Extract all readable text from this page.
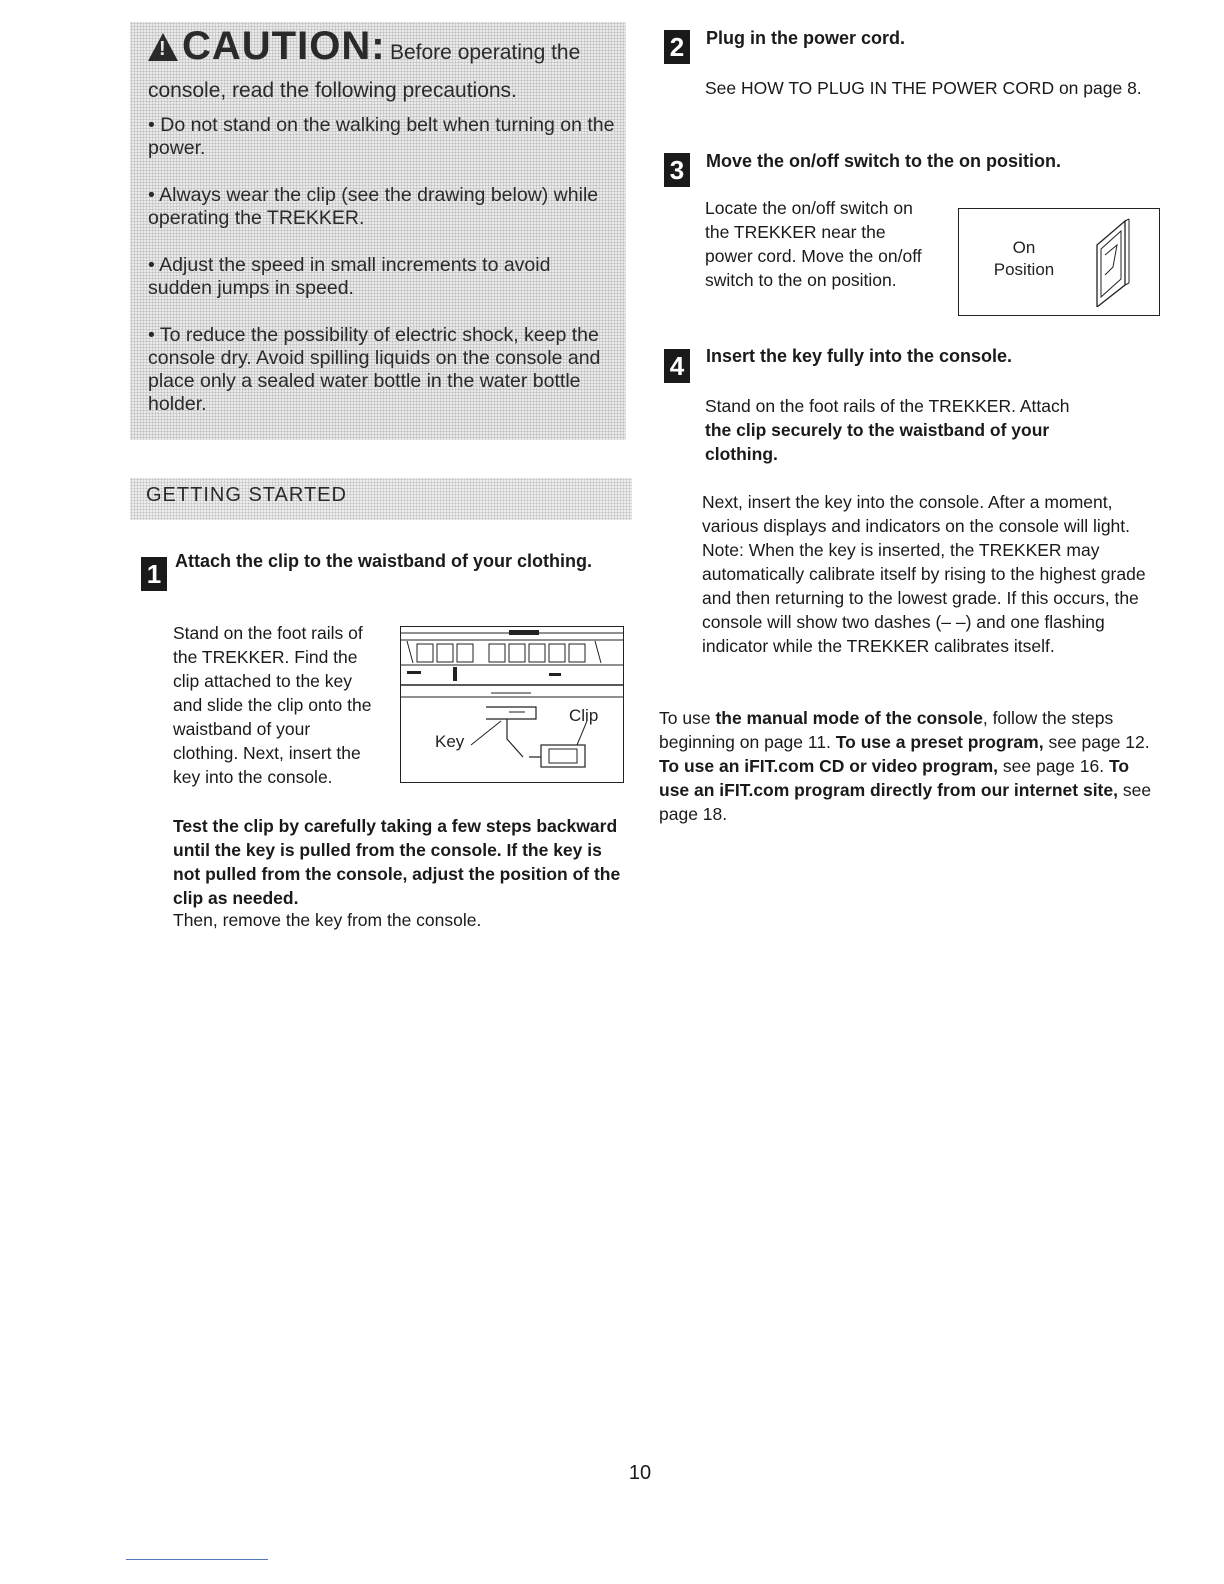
!CAUTION: Before operating the
console, read the following precautions.
• Do not stand on the walking belt when turning on the power.
• Always wear the clip (see the drawing below) while operating the TREKKER.
• Adjust the speed in small increments to avoid sudden jumps in speed.
• To reduce the possibility of electric shock, keep the console dry. Avoid spilling liquids on the console and place only a sealed water bottle in the water bottle holder.
GETTING STARTED
1 Attach the clip to the waistband of your clothing.
Stand on the foot rails of the TREKKER. Find the clip attached to the key and slide the clip onto the waistband of your clothing. Next, insert the key into the console.
Clip
Key
Test the clip by carefully taking a few steps backward until the key is pulled from the console. If the key is not pulled from the console, adjust the position of the clip as needed.
Then, remove the key from the console.
2	Plug in the power cord.
See HOW TO PLUG IN THE POWER CORD on page 8.
3	Move the on/off switch to the on position.
Locate the on/off switch on the TREKKER near the power cord. Move the on/off switch to the on position.
On
Position
4	Insert the key fully into the console.
Stand on the foot rails of the TREKKER. Attach
the clip securely to the waistband of your clothing.
Next, insert the key into the console. After a moment, various displays and indicators on the console will light. Note: When the key is inserted, the TREKKER may automatically calibrate itself by rising to the highest grade and then returning to the lowest grade. If this occurs, the console will show two dashes (– –) and one flashing indicator while the TREKKER calibrates itself.
To use the manual mode of the console, follow the steps beginning on page 11. To use a preset program, see page 12. To use an iFIT.com CD or video program, see page 16. To use an iFIT.com program directly from our internet site, see page 18.
10
